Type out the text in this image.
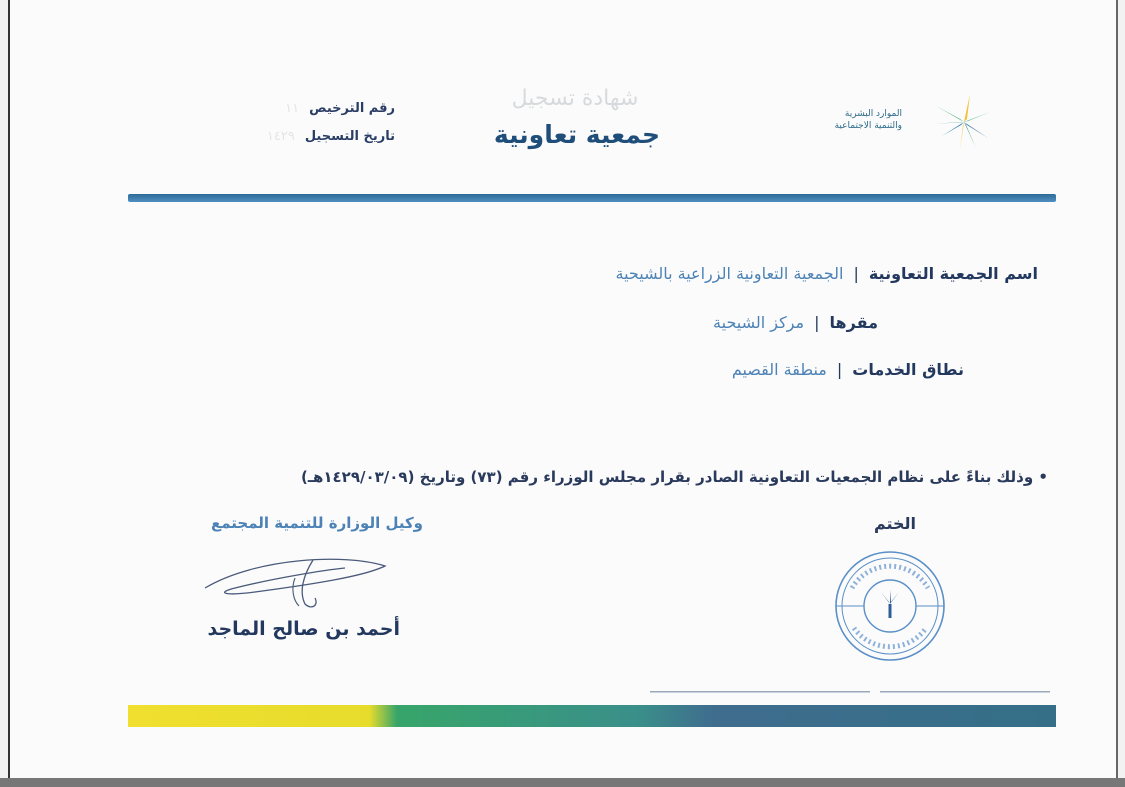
الموارد البشرية
والتنمية الاجتماعية
شهادة تسجيل
جمعية تعاونية
رقم الترخيص
١١
تاريخ التسجيل
١٤٢٩
اسم الجمعية التعاونية
|
الجمعية التعاونية الزراعية بالشيحية
مقرها
|
مركز الشيحية
نطاق الخدمات
|
منطقة القصيم
• وذلك بناءً على نظام الجمعيات التعاونية الصادر بقرار مجلس الوزراء رقم (٧٣) وتاريخ (١٤٢٩/٠٣/٠٩هـ)
وكيل الوزارة للتنمية المجتمع
أحمد بن صالح الماجد
الختم
